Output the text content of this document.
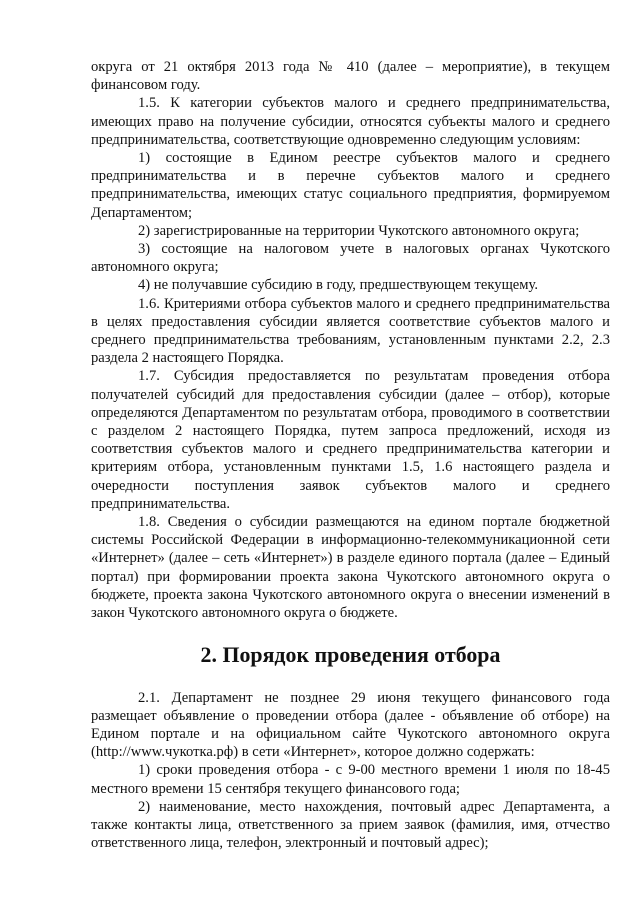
округа от 21 октября 2013 года № 410 (далее – мероприятие), в текущем финансовом году.

1.5. К категории субъектов малого и среднего предпринимательства, имеющих право на получение субсидии, относятся субъекты малого и среднего предпринимательства, соответствующие одновременно следующим условиям:

1) состоящие в Едином реестре субъектов малого и среднего предпринимательства и в перечне субъектов малого и среднего предпринимательства, имеющих статус социального предприятия, формируемом Департаментом;

2) зарегистрированные на территории Чукотского автономного округа;

3) состоящие на налоговом учете в налоговых органах Чукотского автономного округа;

4) не получавшие субсидию в году, предшествующем текущему.

1.6. Критериями отбора субъектов малого и среднего предпринимательства в целях предоставления субсидии является соответствие субъектов малого и среднего предпринимательства требованиям, установленным пунктами 2.2, 2.3 раздела 2 настоящего Порядка.

1.7. Субсидия предоставляется по результатам проведения отбора получателей субсидий для предоставления субсидии (далее – отбор), которые определяются Департаментом по результатам отбора, проводимого в соответствии с разделом 2 настоящего Порядка, путем запроса предложений, исходя из соответствия субъектов малого и среднего предпринимательства категории и критериям отбора, установленным пунктами 1.5, 1.6 настоящего раздела и очередности поступления заявок субъектов малого и среднего предпринимательства.

1.8. Сведения о субсидии размещаются на едином портале бюджетной системы Российской Федерации в информационно-телекоммуникационной сети «Интернет» (далее – сеть «Интернет») в разделе единого портала (далее – Единый портал) при формировании проекта закона Чукотского автономного округа о бюджете, проекта закона Чукотского автономного округа о внесении изменений в закон Чукотского автономного округа о бюджете.

2. Порядок проведения отбора

2.1. Департамент не позднее 29 июня текущего финансового года размещает объявление о проведении отбора (далее - объявление об отборе) на Едином портале и на официальном сайте Чукотского автономного округа (http://www.чукотка.рф) в сети «Интернет», которое должно содержать:

1) сроки проведения отбора - с 9-00 местного времени 1 июля по 18-45 местного времени 15 сентября текущего финансового года;

2) наименование, место нахождения, почтовый адрес Департамента, а также контакты лица, ответственного за прием заявок (фамилия, имя, отчество ответственного лица, телефон, электронный и почтовый адрес);
